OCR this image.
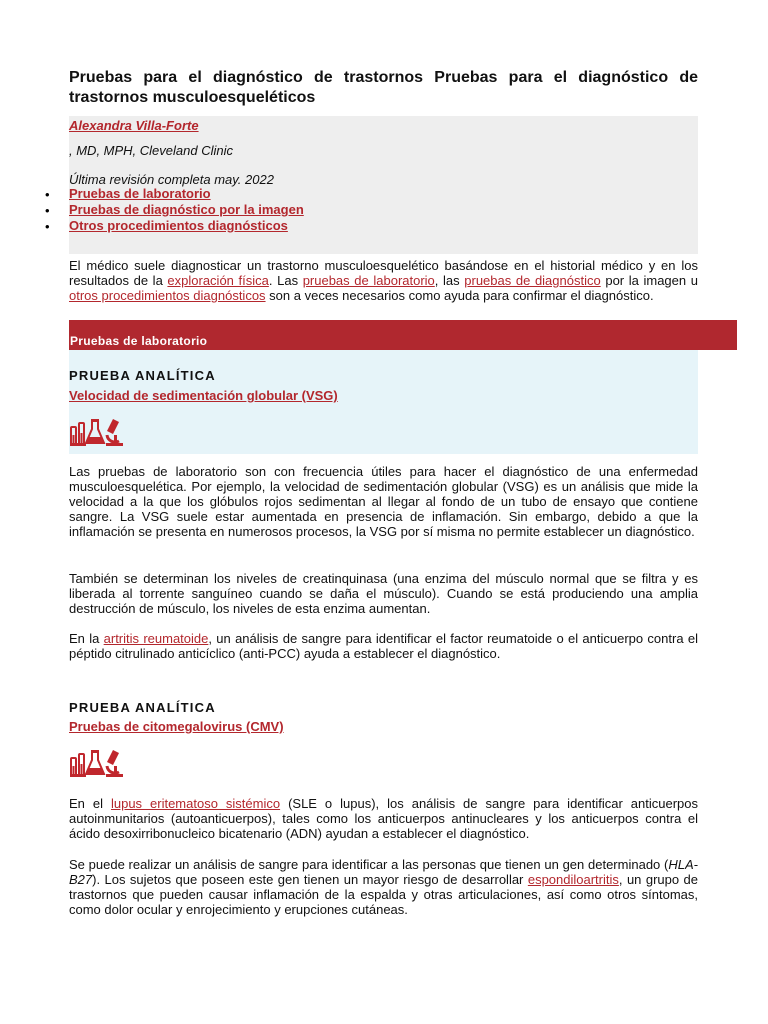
Pruebas para el diagnóstico de trastornos Pruebas para el diagnóstico de trastornos musculoesqueléticos
Alexandra Villa-Forte
, MD, MPH, Cleveland Clinic
Última revisión completa may. 2022
• Pruebas de laboratorio
• Pruebas de diagnóstico por la imagen
• Otros procedimientos diagnósticos

El médico suele diagnosticar un trastorno musculoesquelético basándose en el historial médico y en los resultados de la exploración física. Las pruebas de laboratorio, las pruebas de diagnóstico por la imagen u otros procedimientos diagnósticos son a veces necesarios como ayuda para confirmar el diagnóstico.

Pruebas de laboratorio
PRUEBA ANALÍTICA
Velocidad de sedimentación globular (VSG)

Las pruebas de laboratorio son con frecuencia útiles para hacer el diagnóstico de una enfermedad musculoesquelética. Por ejemplo, la velocidad de sedimentación globular (VSG) es un análisis que mide la velocidad a la que los glóbulos rojos sedimentan al llegar al fondo de un tubo de ensayo que contiene sangre. La VSG suele estar aumentada en presencia de inflamación. Sin embargo, debido a que la inflamación se presenta en numerosos procesos, la VSG por sí misma no permite establecer un diagnóstico.

También se determinan los niveles de creatinquinasa (una enzima del músculo normal que se filtra y es liberada al torrente sanguíneo cuando se daña el músculo). Cuando se está produciendo una amplia destrucción de músculo, los niveles de esta enzima aumentan.

En la artritis reumatoide, un análisis de sangre para identificar el factor reumatoide o el anticuerpo contra el péptido citrulinado anticíclico (anti-PCC) ayuda a establecer el diagnóstico.

PRUEBA ANALÍTICA
Pruebas de citomegalovirus (CMV)

En el lupus eritematoso sistémico (SLE o lupus), los análisis de sangre para identificar anticuerpos autoinmunitarios (autoanticuerpos), tales como los anticuerpos antinucleares y los anticuerpos contra el ácido desoxirribonucleico bicatenario (ADN) ayudan a establecer el diagnóstico.

Se puede realizar un análisis de sangre para identificar a las personas que tienen un gen determinado (HLA-B27). Los sujetos que poseen este gen tienen un mayor riesgo de desarrollar espondiloartritis, un grupo de trastornos que pueden causar inflamación de la espalda y otras articulaciones, así como otros síntomas, como dolor ocular y enrojecimiento y erupciones cutáneas.
